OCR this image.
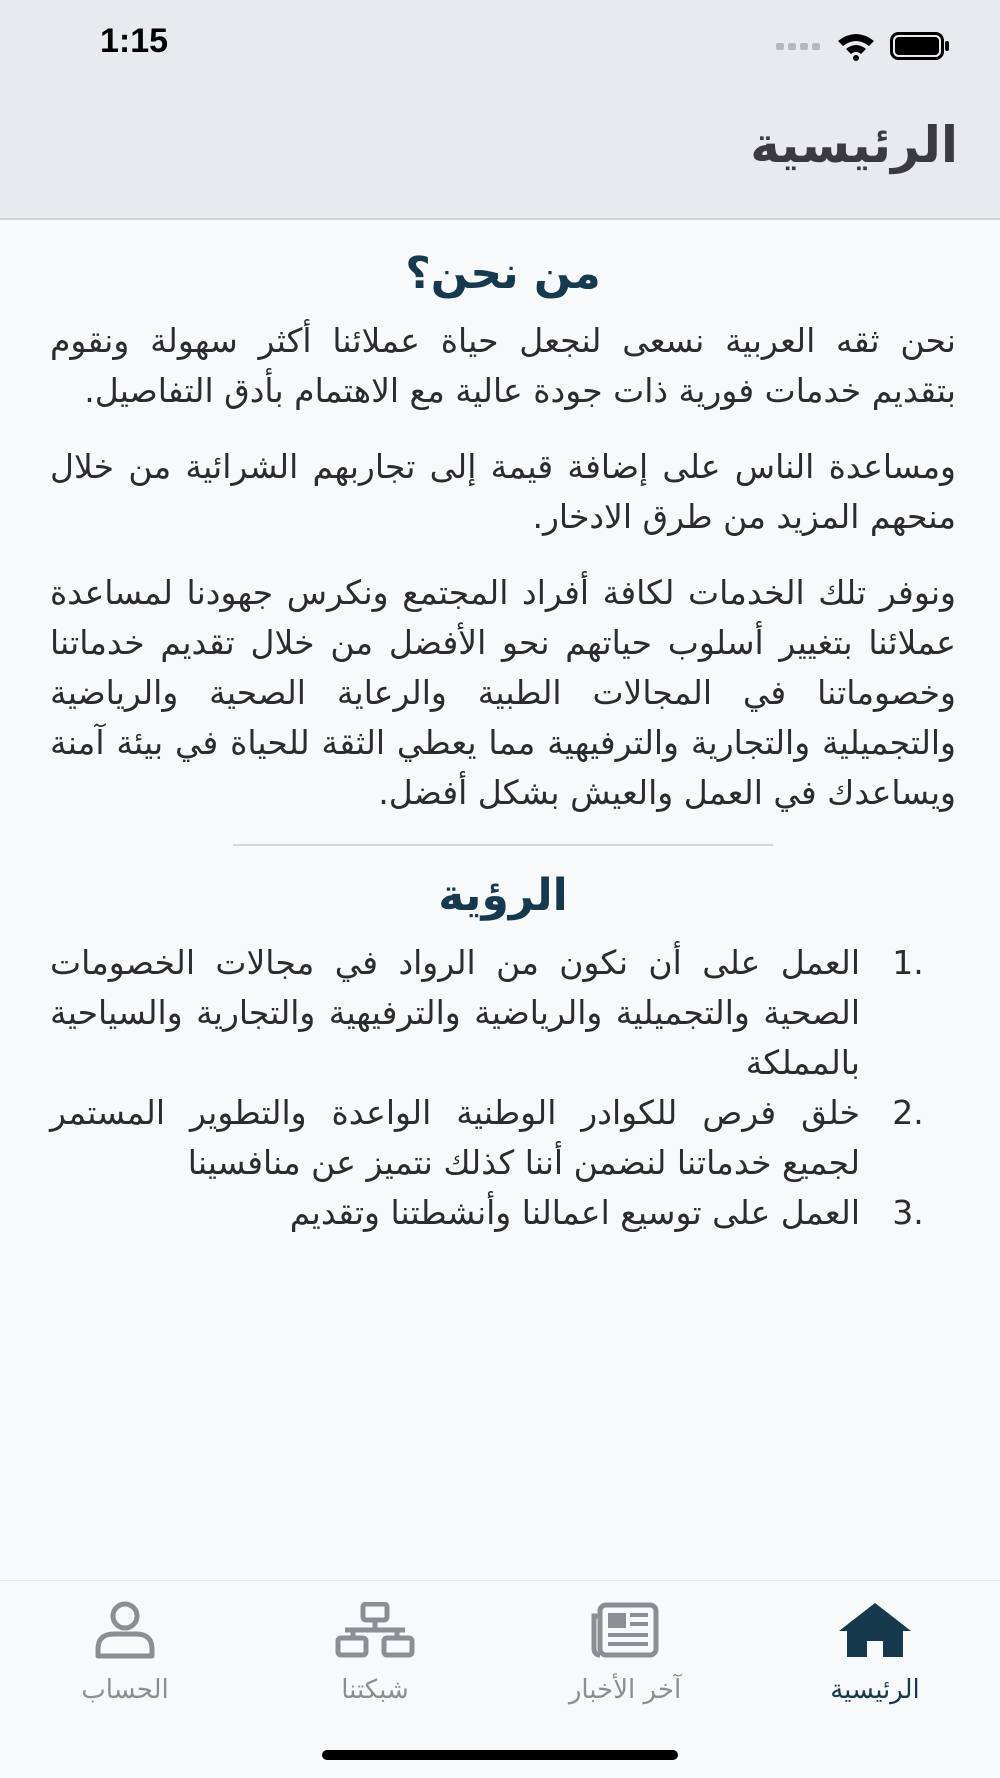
1:15
الرئيسية
من نحن؟

نحن ثقه العربية نسعى لنجعل حياة عملائنا أكثر سهولة ونقوم بتقديم خدمات فورية ذات جودة عالية مع الاهتمام بأدق التفاصيل.

ومساعدة الناس على إضافة قيمة إلى تجاربهم الشرائية من خلال منحهم المزيد من طرق الادخار.

ونوفر تلك الخدمات لكافة أفراد المجتمع ونكرس جهودنا لمساعدة عملائنا بتغيير أسلوب حياتهم نحو الأفضل من خلال تقديم خدماتنا وخصوماتنا في المجالات الطبية والرعاية الصحية والرياضية والتجميلية والتجارية والترفيهية مما يعطي الثقة للحياة في بيئة آمنة ويساعدك في العمل والعيش بشكل أفضل.

الرؤية
1.
العمل على أن نكون من الرواد في مجالات الخصومات الصحية والتجميلية والرياضية والترفيهية والتجارية والسياحية بالمملكة
2.
خلق فرص للكوادر الوطنية الواعدة والتطوير المستمر لجميع خدماتنا لنضمن أننا كذلك نتميز عن منافسينا
3.
العمل على توسيع اعمالنا وأنشطتنا وتقديم
الرئيسية
آخر الأخبار
شبكتنا
الحساب
